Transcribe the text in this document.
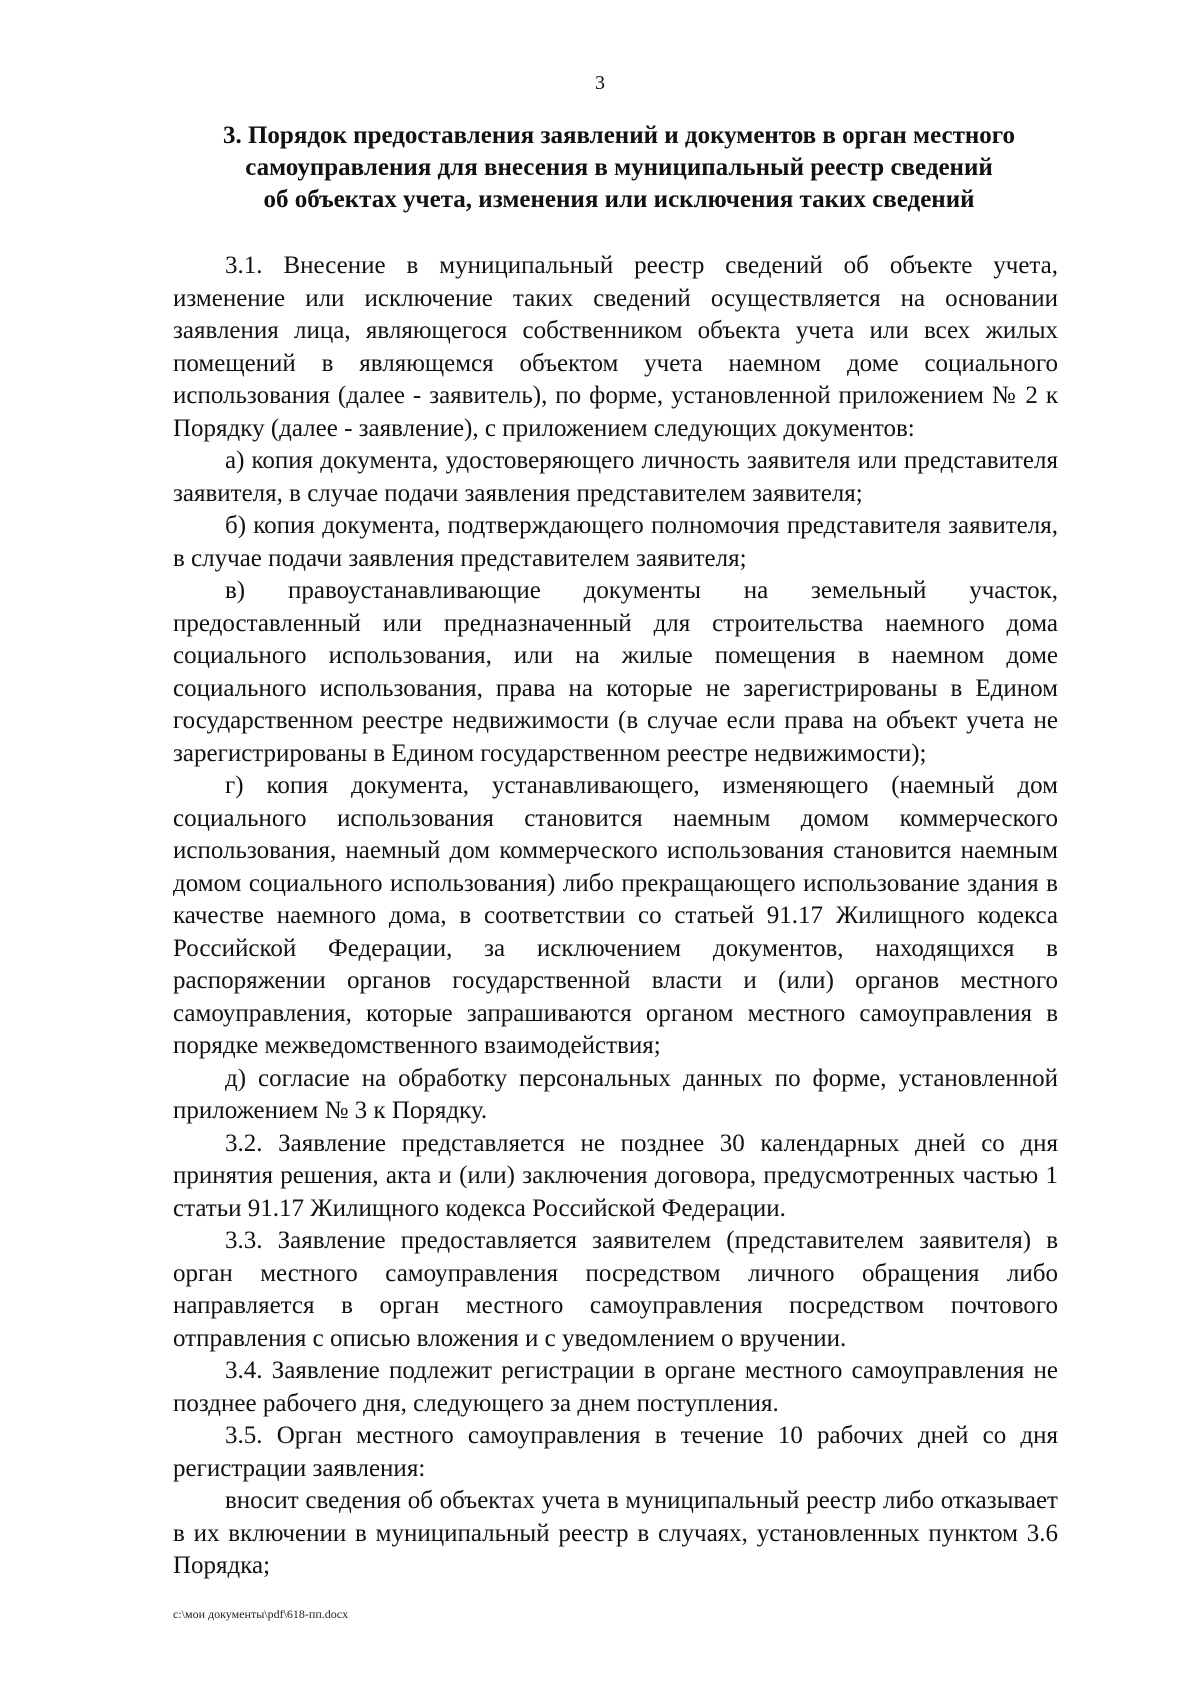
3
3. Порядок предоставления заявлений и документов в орган местного
самоуправления для внесения в муниципальный реестр сведений
об объектах учета, изменения или исключения таких сведений

3.1. Внесение в муниципальный реестр сведений об объекте учета, изменение или исключение таких сведений осуществляется на основании заявления лица, являющегося собственником объекта учета или всех жилых помещений в являющемся объектом учета наемном доме социального использования (далее - заявитель), по форме, установленной приложением № 2 к Порядку (далее - заявление), с приложением следующих документов:

а) копия документа, удостоверяющего личность заявителя или представителя заявителя, в случае подачи заявления представителем заявителя;

б) копия документа, подтверждающего полномочия представителя заявителя, в случае подачи заявления представителем заявителя;

в) правоустанавливающие документы на земельный участок, предоставленный или предназначенный для строительства наемного дома социального использования, или на жилые помещения в наемном доме социального использования, права на которые не зарегистрированы в Едином государственном реестре недвижимости (в случае если права на объект учета не зарегистрированы в Едином государственном реестре недвижимости);

г) копия документа, устанавливающего, изменяющего (наемный дом социального использования становится наемным домом коммерческого использования, наемный дом коммерческого использования становится наемным домом социального использования) либо прекращающего использование здания в качестве наемного дома, в соответствии со статьей 91.17 Жилищного кодекса Российской Федерации, за исключением документов, находящихся в распоряжении органов государственной власти и (или) органов местного самоуправления, которые запрашиваются органом местного самоуправления в порядке межведомственного взаимодействия;

д) согласие на обработку персональных данных по форме, установленной приложением № 3 к Порядку.

3.2. Заявление представляется не позднее 30 календарных дней со дня принятия решения, акта и (или) заключения договора, предусмотренных частью 1 статьи 91.17 Жилищного кодекса Российской Федерации.

3.3. Заявление предоставляется заявителем (представителем заявителя) в орган местного самоуправления посредством личного обращения либо направляется в орган местного самоуправления посредством почтового отправления с описью вложения и с уведомлением о вручении.

3.4. Заявление подлежит регистрации в органе местного самоуправления не позднее рабочего дня, следующего за днем поступления.

3.5. Орган местного самоуправления в течение 10 рабочих дней со дня регистрации заявления:

вносит сведения об объектах учета в муниципальный реестр либо отказывает в их включении в муниципальный реестр в случаях, установленных пунктом 3.6 Порядка;

c:\мои документы\pdf\618-пп.docx
